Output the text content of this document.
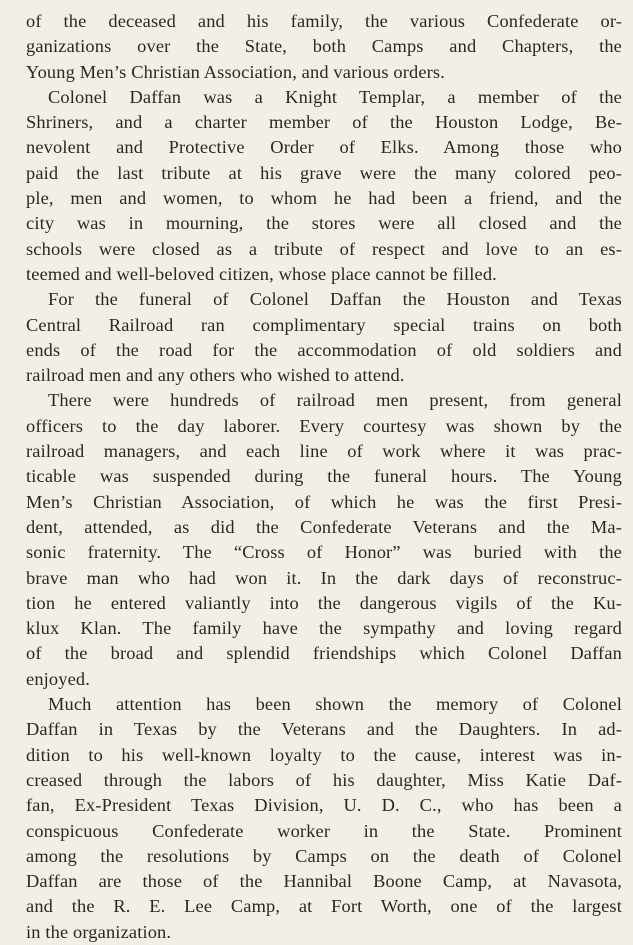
of the deceased and his family, the various Confederate or-
ganizations over the State, both Camps and Chapters, the
Young Men’s Christian Association, and various orders.
Colonel Daffan was a Knight Templar, a member of the
Shriners, and a charter member of the Houston Lodge, Be-
nevolent and Protective Order of Elks. Among those who
paid the last tribute at his grave were the many colored peo-
ple, men and women, to whom he had been a friend, and the
city was in mourning, the stores were all closed and the
schools were closed as a tribute of respect and love to an es-
teemed and well-beloved citizen, whose place cannot be filled.
For the funeral of Colonel Daffan the Houston and Texas
Central Railroad ran complimentary special trains on both
ends of the road for the accommodation of old soldiers and
railroad men and any others who wished to attend.
There were hundreds of railroad men present, from general
officers to the day laborer. Every courtesy was shown by the
railroad managers, and each line of work where it was prac-
ticable was suspended during the funeral hours. The Young
Men’s Christian Association, of which he was the first Presi-
dent, attended, as did the Confederate Veterans and the Ma-
sonic fraternity. The “Cross of Honor” was buried with the
brave man who had won it. In the dark days of reconstruc-
tion he entered valiantly into the dangerous vigils of the Ku-
klux Klan. The family have the sympathy and loving regard
of the broad and splendid friendships which Colonel Daffan
enjoyed.
Much attention has been shown the memory of Colonel
Daffan in Texas by the Veterans and the Daughters. In ad-
dition to his well-known loyalty to the cause, interest was in-
creased through the labors of his daughter, Miss Katie Daf-
fan, Ex-President Texas Division, U. D. C., who has been a
conspicuous Confederate worker in the State. Prominent
among the resolutions by Camps on the death of Colonel
Daffan are those of the Hannibal Boone Camp, at Navasota,
and the R. E. Lee Camp, at Fort Worth, one of the largest
in the organization.
